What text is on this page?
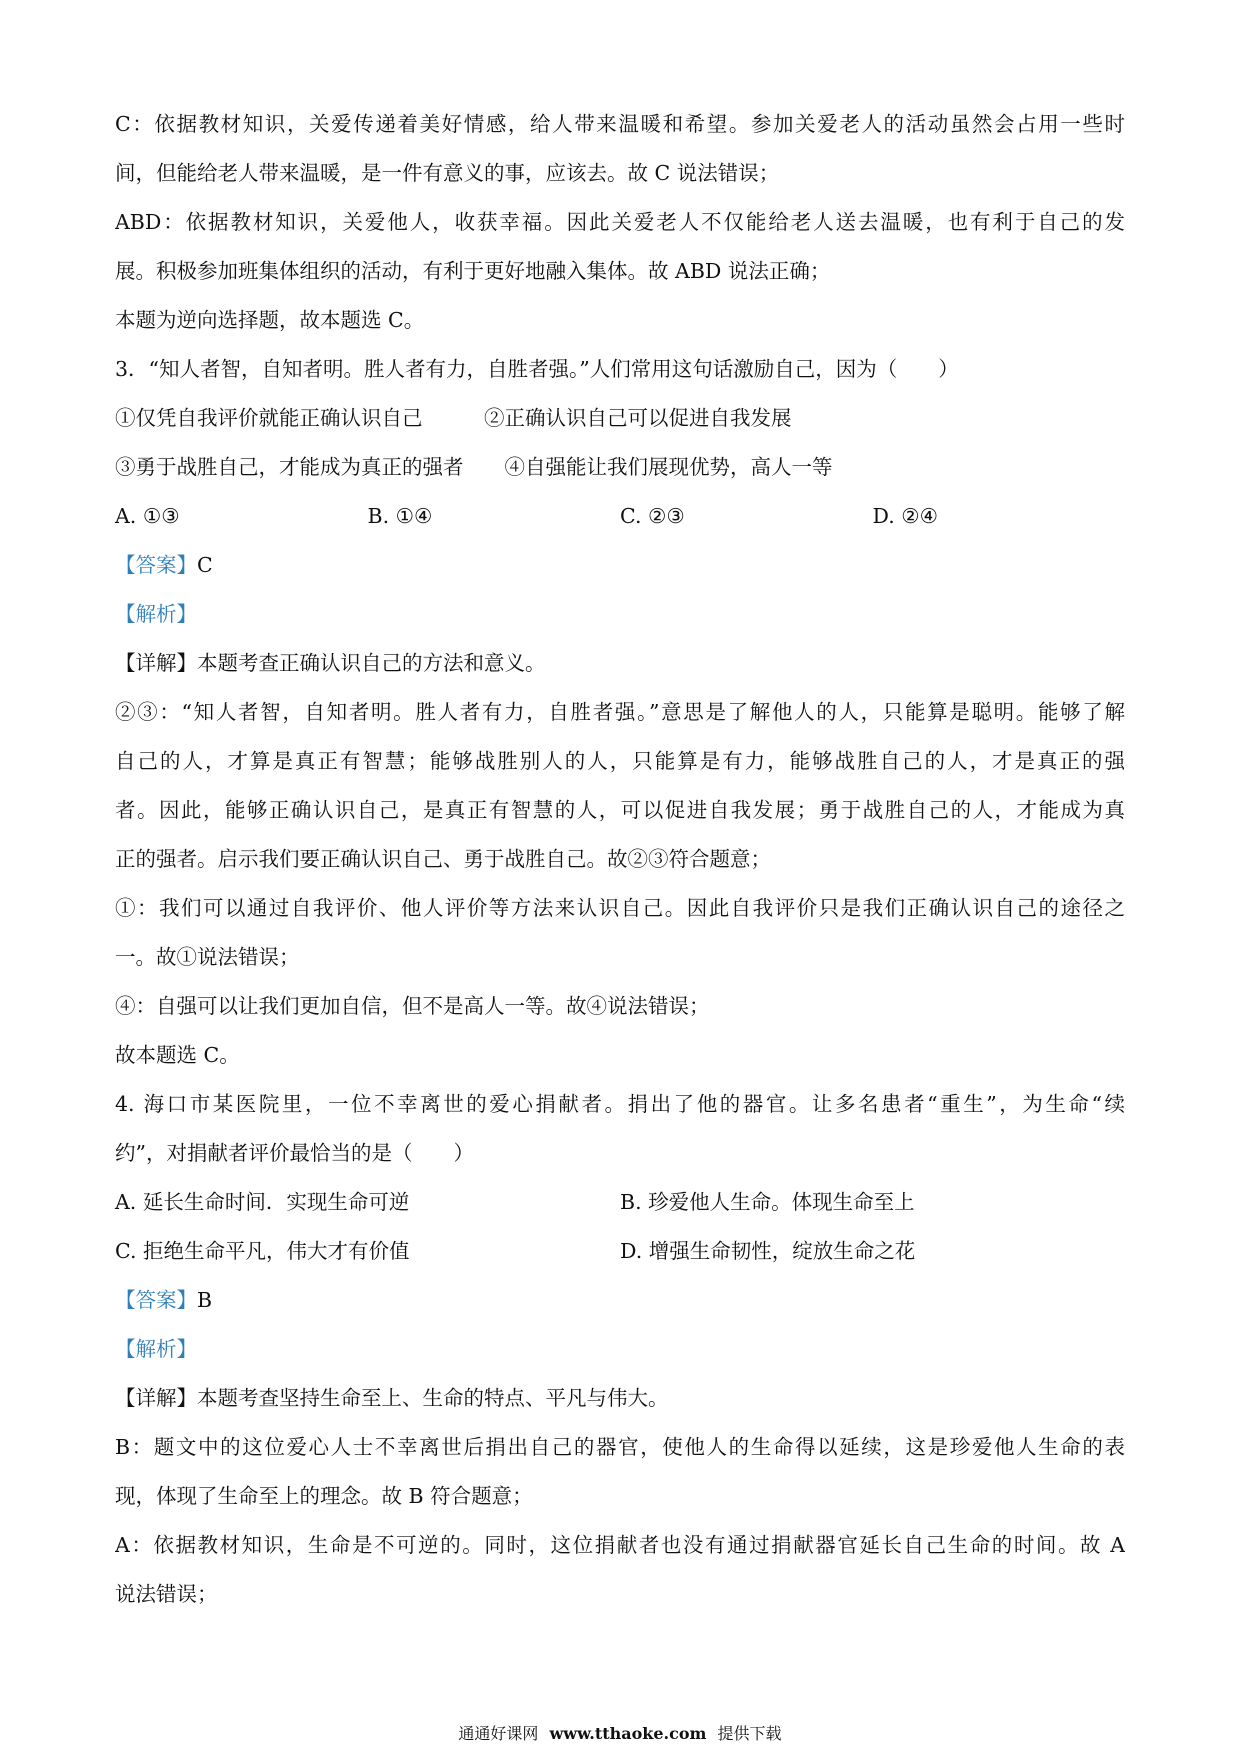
C：依据教材知识，关爱传递着美好情感，给人带来温暖和希望。参加关爱老人的活动虽然会占用一些时

间，但能给老人带来温暖，是一件有意义的事，应该去。故 C 说法错误；

ABD：依据教材知识，关爱他人，收获幸福。因此关爱老人不仅能给老人送去温暖，也有利于自己的发

展。积极参加班集体组织的活动，有利于更好地融入集体。故 ABD 说法正确；

本题为逆向选择题，故本题选 C。

3．“知人者智，自知者明。胜人者有力，自胜者强。”人们常用这句话激励自己，因为（　　）

①仅凭自我评价就能正确认识自己　　　②正确认识自己可以促进自我发展

③勇于战胜自己，才能成为真正的强者　　④自强能让我们展现优势，高人一等

A. ①③	B. ①④	C. ②③	D. ②④

【答案】C

【解析】

【详解】本题考查正确认识自己的方法和意义。

②③：“知人者智，自知者明。胜人者有力，自胜者强。”意思是了解他人的人，只能算是聪明。能够了解

自己的人，才算是真正有智慧；能够战胜别人的人，只能算是有力，能够战胜自己的人，才是真正的强

者。因此，能够正确认识自己，是真正有智慧的人，可以促进自我发展；勇于战胜自己的人，才能成为真

正的强者。启示我们要正确认识自己、勇于战胜自己。故②③符合题意；

①：我们可以通过自我评价、他人评价等方法来认识自己。因此自我评价只是我们正确认识自己的途径之

一。故①说法错误；

④：自强可以让我们更加自信，但不是高人一等。故④说法错误；

故本题选 C。

4. 海口市某医院里，一位不幸离世的爱心捐献者。捐出了他的器官。让多名患者“重生”，为生命“续

约”，对捐献者评价最恰当的是（　　）

A. 延长生命时间．实现生命可逆	B. 珍爱他人生命。体现生命至上
C. 拒绝生命平凡，伟大才有价值	D. 增强生命韧性，绽放生命之花

【答案】B

【解析】

【详解】本题考查坚持生命至上、生命的特点、平凡与伟大。

B：题文中的这位爱心人士不幸离世后捐出自己的器官，使他人的生命得以延续，这是珍爱他人生命的表

现，体现了生命至上的理念。故 B 符合题意；

A：依据教材知识，生命是不可逆的。同时，这位捐献者也没有通过捐献器官延长自己生命的时间。故 A

说法错误；

通通好课网 www.tthaoke.com 提供下载
